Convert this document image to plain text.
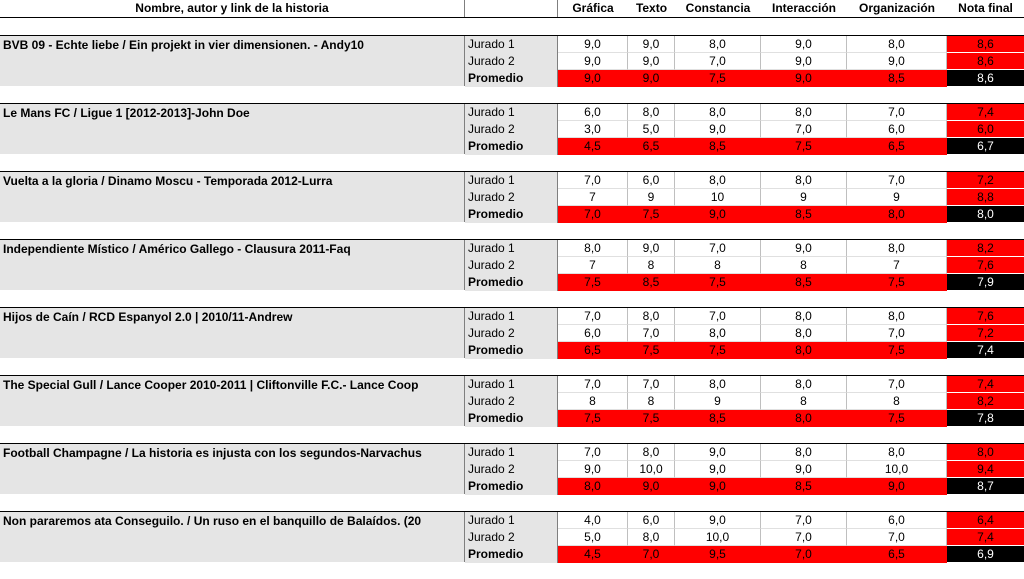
Nombre, autor y link de la historia	Gráfica	Texto	Constancia	Interacción	Organización	Nota final
BVB 09 - Echte liebe / Ein projekt in vier dimensionen. - Andy10	Jurado 1	9,0	9,0	8,0	9,0	8,0	8,6
Jurado 2	9,0	9,0	7,0	9,0	9,0	8,6
Promedio	9,0	9,0	7,5	9,0	8,5	8,6
Le Mans FC / Ligue 1 [2012-2013]-John Doe	Jurado 1	6,0	8,0	8,0	8,0	7,0	7,4
Jurado 2	3,0	5,0	9,0	7,0	6,0	6,0
Promedio	4,5	6,5	8,5	7,5	6,5	6,7
Vuelta a la gloria / Dinamo Moscu - Temporada 2012-Lurra	Jurado 1	7,0	6,0	8,0	8,0	7,0	7,2
Jurado 2	7	9	10	9	9	8,8
Promedio	7,0	7,5	9,0	8,5	8,0	8,0
Independiente Místico / Américo Gallego - Clausura 2011-Faq	Jurado 1	8,0	9,0	7,0	9,0	8,0	8,2
Jurado 2	7	8	8	8	7	7,6
Promedio	7,5	8,5	7,5	8,5	7,5	7,9
Hijos de Caín / RCD Espanyol 2.0 | 2010/11-Andrew	Jurado 1	7,0	8,0	7,0	8,0	8,0	7,6
Jurado 2	6,0	7,0	8,0	8,0	7,0	7,2
Promedio	6,5	7,5	7,5	8,0	7,5	7,4
The Special Gull / Lance Cooper 2010-2011 | Cliftonville F.C.- Lance Coop	Jurado 1	7,0	7,0	8,0	8,0	7,0	7,4
Jurado 2	8	8	9	8	8	8,2
Promedio	7,5	7,5	8,5	8,0	7,5	7,8
Football Champagne / La historia es injusta con los segundos-Narvachus	Jurado 1	7,0	8,0	9,0	8,0	8,0	8,0
Jurado 2	9,0	10,0	9,0	9,0	10,0	9,4
Promedio	8,0	9,0	9,0	8,5	9,0	8,7
Non pararemos ata Conseguilo. / Un ruso en el banquillo de Balaídos. (20	Jurado 1	4,0	6,0	9,0	7,0	6,0	6,4
Jurado 2	5,0	8,0	10,0	7,0	7,0	7,4
Promedio	4,5	7,0	9,5	7,0	6,5	6,9
